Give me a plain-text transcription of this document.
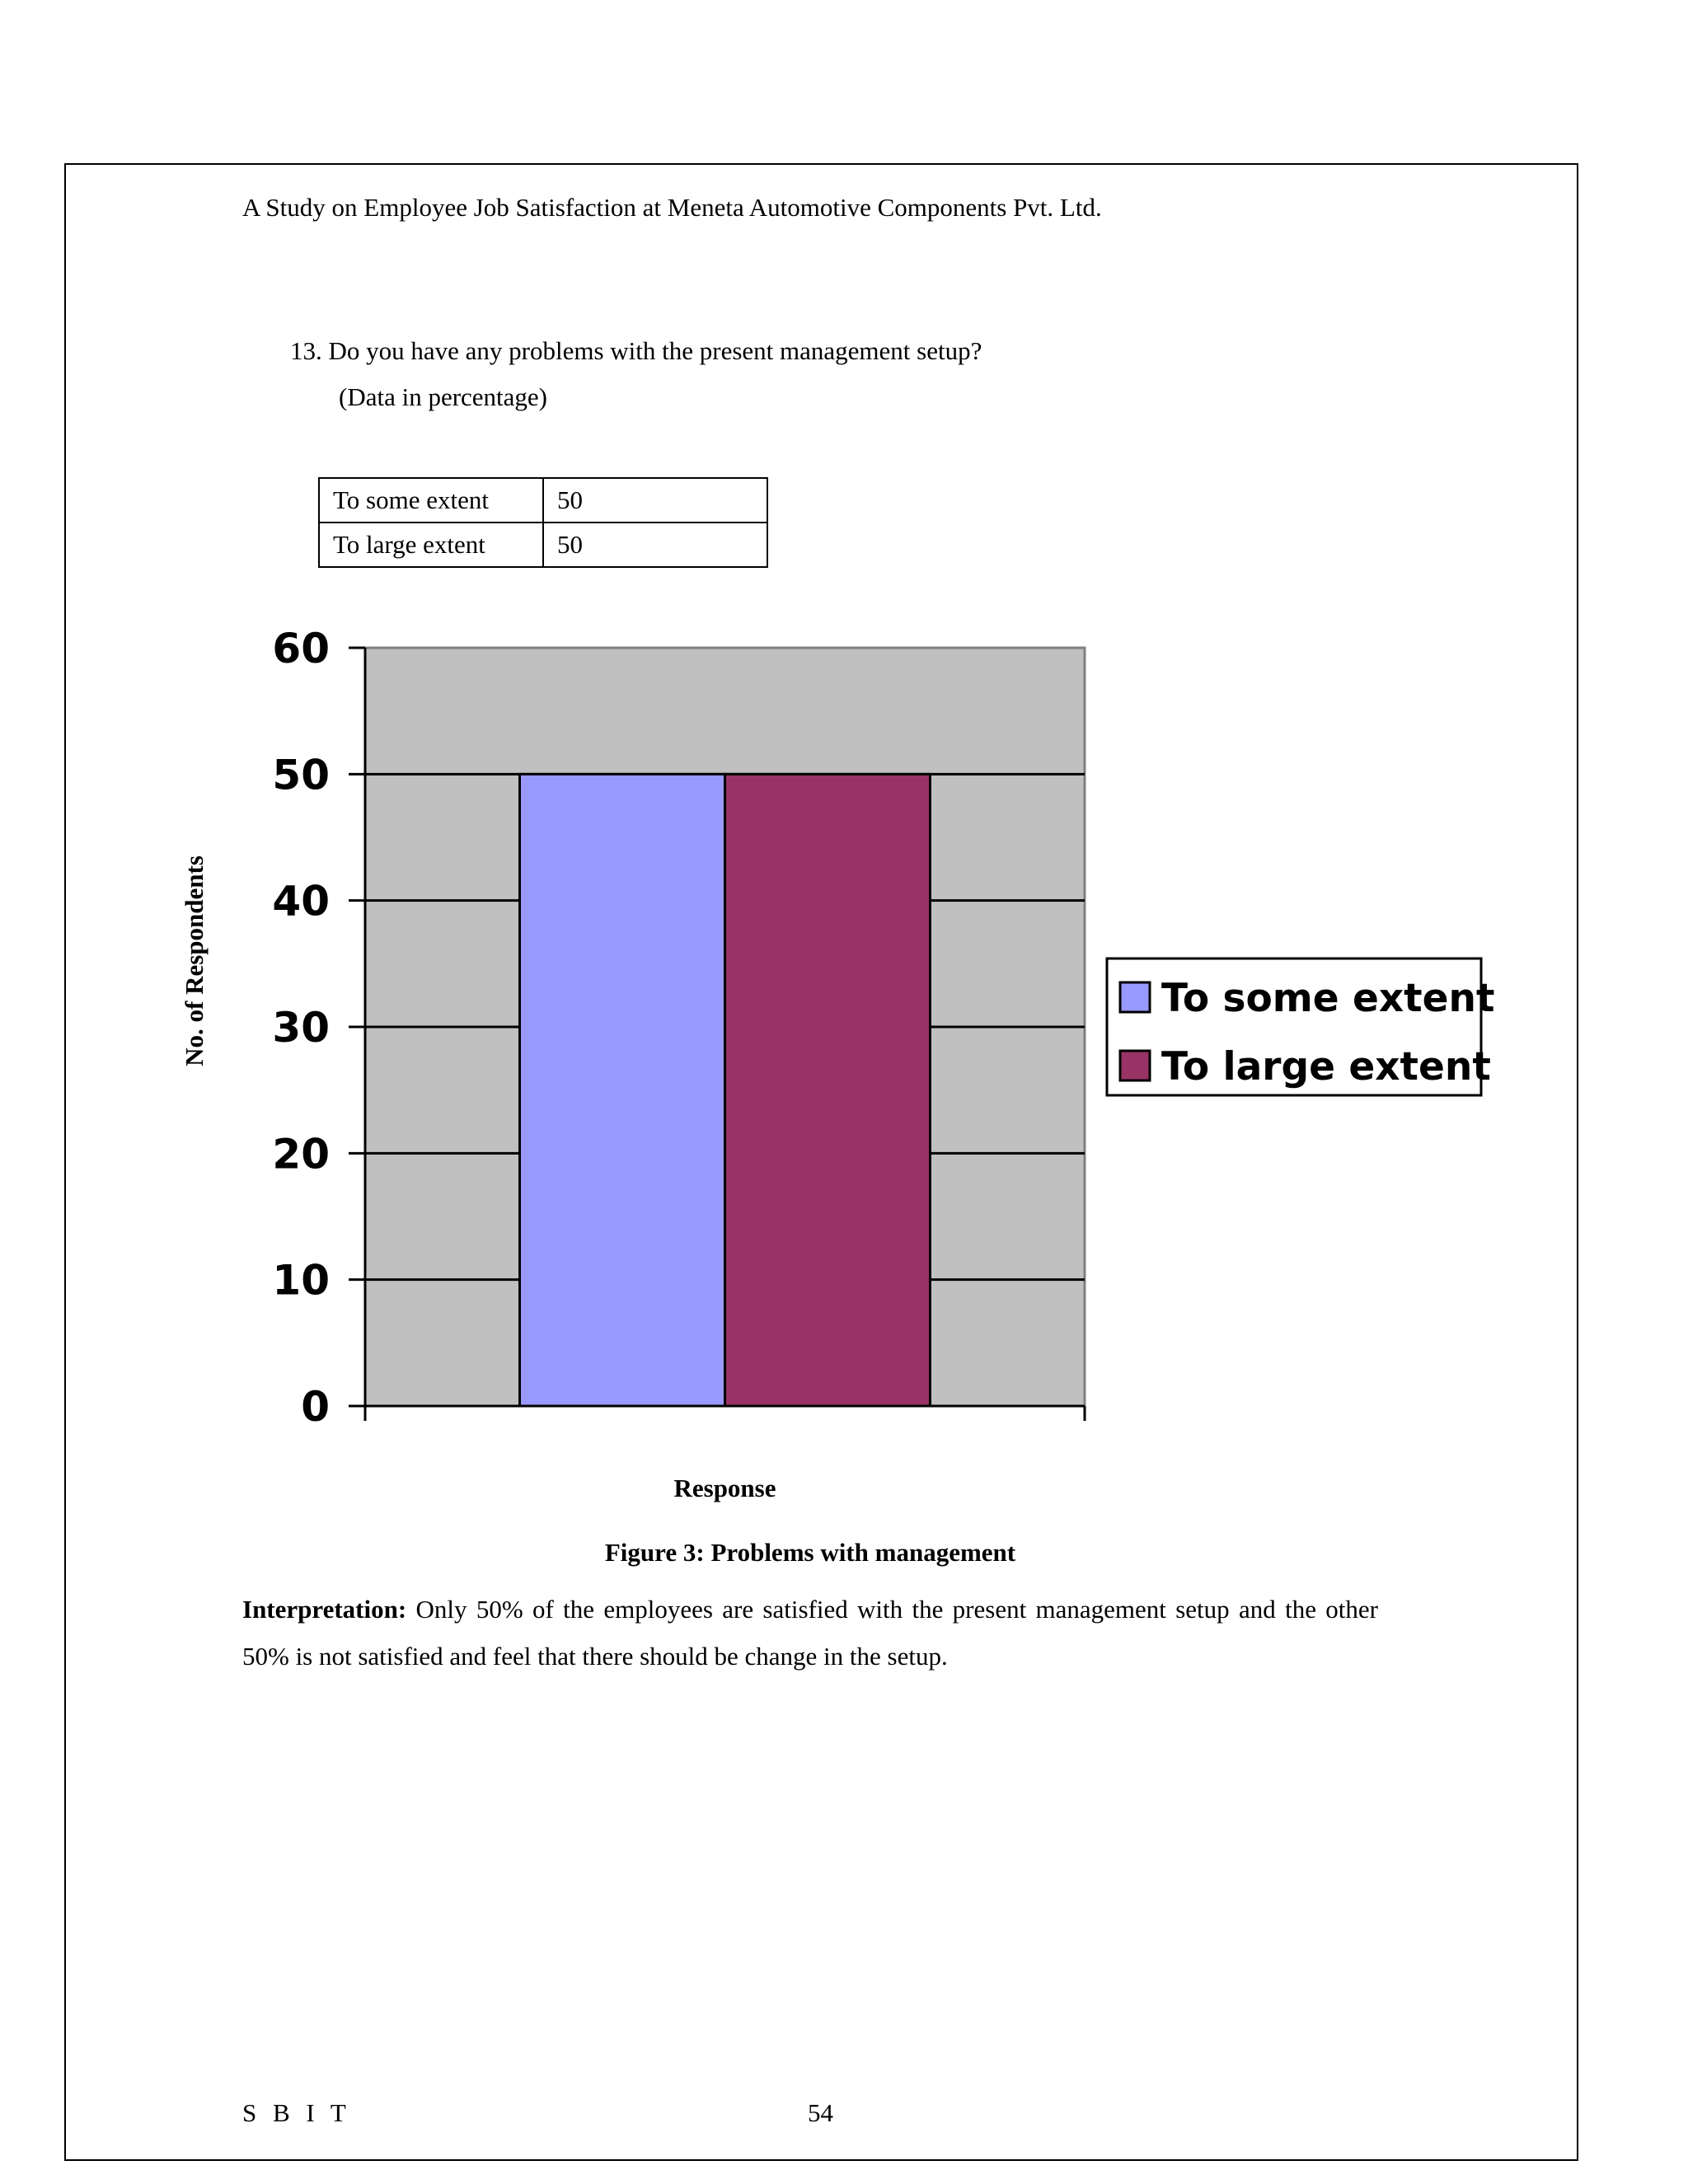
A Study on Employee Job Satisfaction at Meneta Automotive Components Pvt. Ltd.
13. Do you have any problems with the present management setup?
(Data in percentage)
To some extent	50
To large extent	50
0
10
20
30
40
50
60
Response
No. of Respondents	To some extent
To large extent
Figure 3: Problems with management
Interpretation: Only 50% of the employees are satisfied with the present management setup and the other 50% is not satisfied and feel that there should be change in the setup.
S B I T	54
